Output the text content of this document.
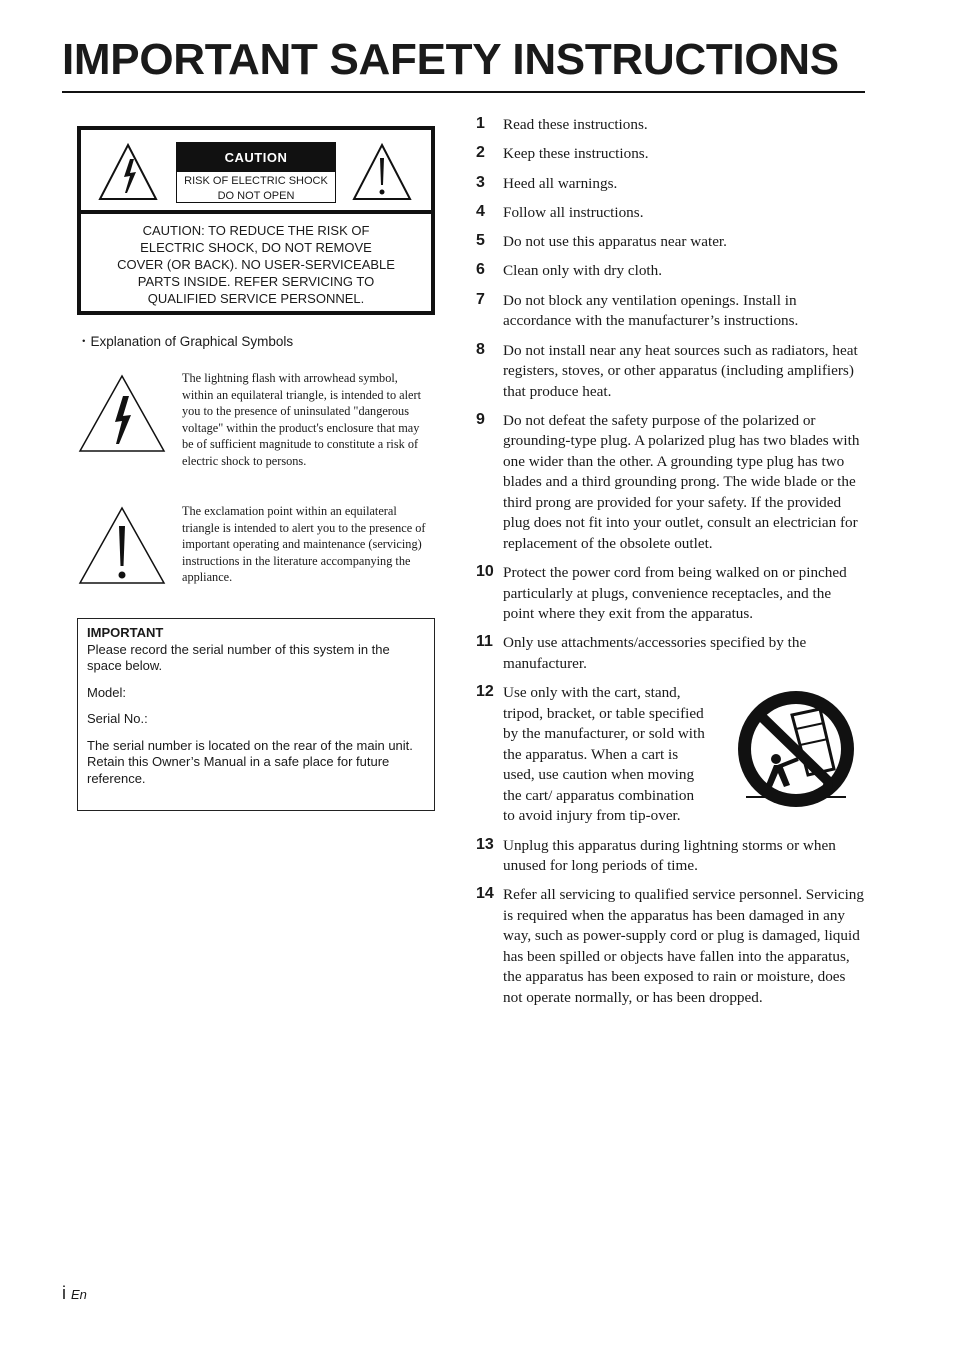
IMPORTANT SAFETY INSTRUCTIONS
CAUTION
RISK OF ELECTRIC SHOCK
DO NOT OPEN
CAUTION: TO REDUCE THE RISK OF
ELECTRIC SHOCK, DO NOT REMOVE
COVER (OR BACK). NO USER-SERVICEABLE
PARTS INSIDE. REFER SERVICING TO
QUALIFIED SERVICE PERSONNEL.
・Explanation of Graphical Symbols
The lightning flash with arrowhead symbol, within an equilateral triangle, is intended to alert you to the presence of uninsulated "dangerous voltage" within the product's enclosure that may be of sufficient magnitude to constitute a risk of electric shock to persons.
The exclamation point within an equilateral triangle is intended to alert you to the presence of important operating and maintenance (servicing) instructions in the literature accompanying the appliance.
IMPORTANT

Please record the serial number of this system in the space below.

Model:

Serial No.:

The serial number is located on the rear of the main unit.

Retain this Owner’s Manual in a safe place for future reference.

1 Read these instructions.
2 Keep these instructions.
3 Heed all warnings.
4 Follow all instructions.
5 Do not use this apparatus near water.
6 Clean only with dry cloth.
7 Do not block any ventilation openings. Install in accordance with the manufacturer’s instructions.
8 Do not install near any heat sources such as radiators, heat registers, stoves, or other apparatus (including amplifiers) that produce heat.
9 Do not defeat the safety purpose of the polarized or grounding-type plug. A polarized plug has two blades with one wider than the other. A grounding type plug has two blades and a third grounding prong. The wide blade or the third prong are provided for your safety. If the provided plug does not fit into your outlet, consult an electrician for replacement of the obsolete outlet.
10 Protect the power cord from being walked on or pinched particularly at plugs, convenience receptacles, and the point where they exit from the apparatus.
11 Only use attachments/accessories specified by the manufacturer.
12 Use only with the cart, stand, tripod, bracket, or table specified by the manufacturer, or sold with the apparatus. When a cart is used, use caution when moving the cart/ apparatus combination to avoid injury from tip-over.
13 Unplug this apparatus during lightning storms or when unused for long periods of time.
14 Refer all servicing to qualified service personnel. Servicing is required when the apparatus has been damaged in any way, such as power-supply cord or plug is damaged, liquid has been spilled or objects have fallen into the apparatus, the apparatus has been exposed to rain or moisture, does not operate normally, or has been dropped.
i En
